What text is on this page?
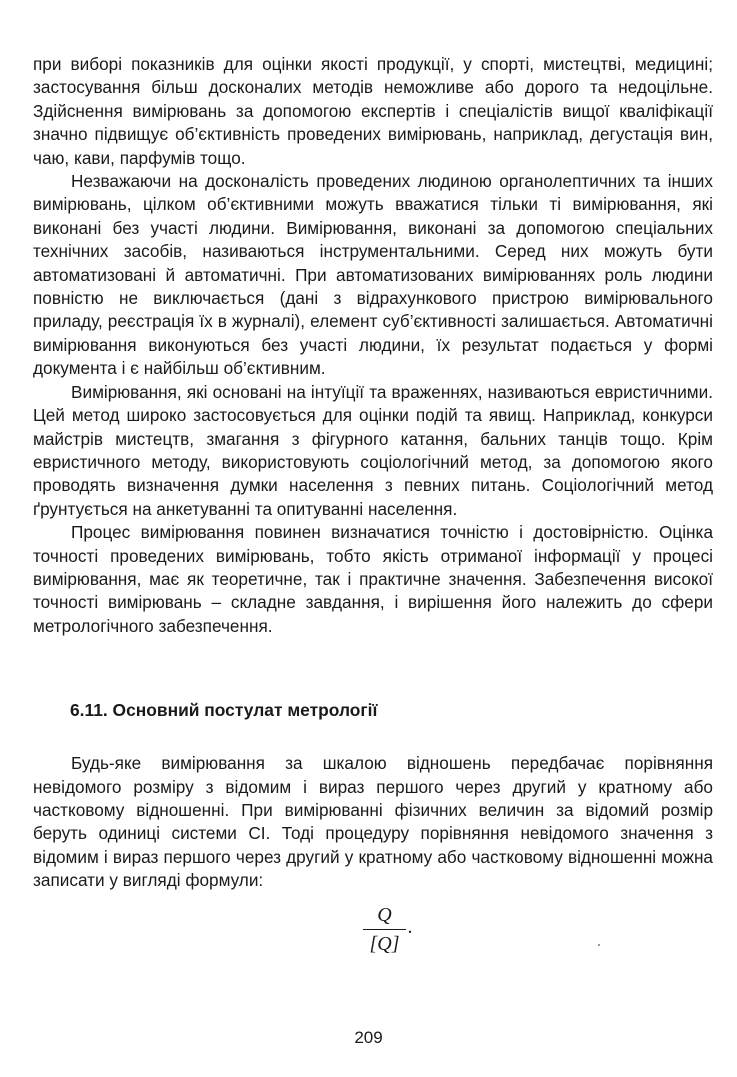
при виборі показників для оцінки якості продукції, у спорті, мистецтві, медицині; застосування більш досконалих методів неможливе або дорого та недоцільне. Здійснення вимірювань за допомогою експертів і спеціалістів вищої кваліфікації значно підвищує об’єктивність проведених вимірювань, наприклад, дегустація вин, чаю, кави, парфумів тощо.

Незважаючи на досконаліcть проведених людиною органолептичних та інших вимірювань, цілком об’єктивними можуть вважатися тільки ті вимірювання, які виконані без участі людини. Вимірювання, виконані за допомогою спеціальних технічних засобів, називаються інструментальними. Серед них можуть бути автоматизовані й автоматичні. При автоматизованих вимірюваннях роль людини повністю не виключається (дані з відрахункового пристрою вимірювального приладу, реєстрація їх в журналі), елемент суб’єктивності залишається. Автоматичні вимірювання виконуються без участі людини, їх результат подається у формі документа і є найбільш об’єктивним.

Вимірювання, які основані на інтуїції та враженнях, називаються евристичними. Цей метод широко застосовується для оцінки подій та явищ. Наприклад, конкурси майстрів мистецтв, змагання з фігурного катання, бальних танців тощо. Крім евристичного методу, використовують соціологічний метод, за допомогою якого проводять визначення думки населення з певних питань. Соціологічний метод ґрунтується на анкетуванні та опитуванні населення.

Процес вимірювання повинен визначатися точністю і достовірністю. Оцінка точності проведених вимірювань, тобто якість отриманої інформації у процесі вимірювання, має як теоретичне, так і практичне значення. Забезпечення високої точності вимірювань – складне завдання, і вирішення його належить до сфери метрологічного забезпечення.

6.11. Основний постулат метрології

Будь-яке вимірювання за шкалою відношень передбачає порівняння невідомого розміру з відомим і вираз першого через другий у кратному або частковому відношенні. При вимірюванні фізичних величин за відомий розмір беруть одиниці системи СІ. Тоді процедуру порівняння невідомого значення з відомим і вираз першого через другий у кратному або частковому відношенні можна записати у вигляді формули:

$\frac{Q}{[Q]}$ .
209
